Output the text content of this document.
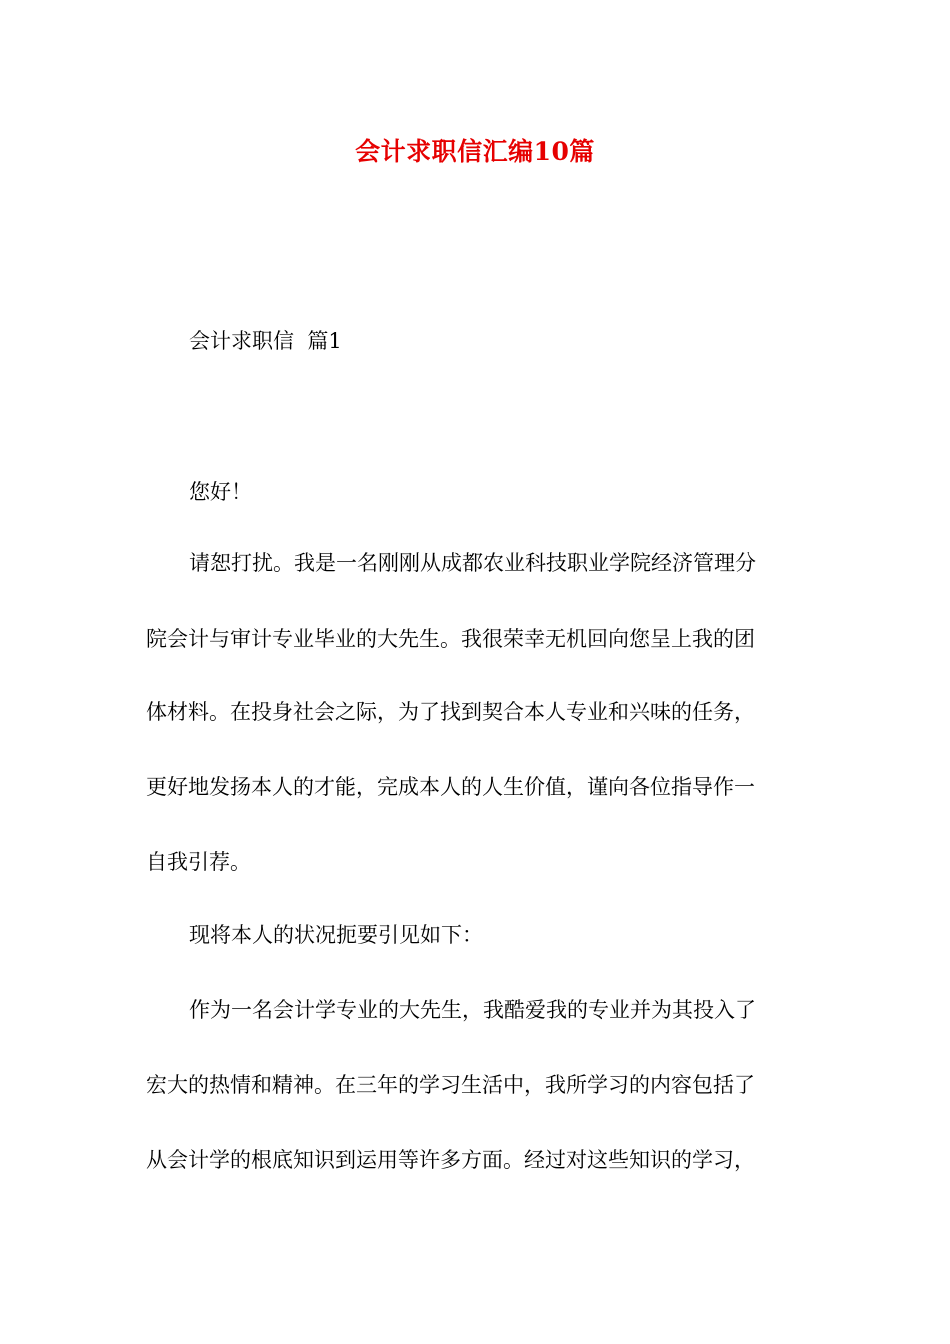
会计求职信汇编10篇

会计求职信  篇1

您好！
请恕打扰。我是一名刚刚从成都农业科技职业学院经济管理分
院会计与审计专业毕业的大先生。我很荣幸无机回向您呈上我的团
体材料。在投身社会之际，为了找到契合本人专业和兴味的任务，
更好地发扬本人的才能，完成本人的人生价值，谨向各位指导作一
自我引荐。
现将本人的状况扼要引见如下：
作为一名会计学专业的大先生，我酷爱我的专业并为其投入了
宏大的热情和精神。在三年的学习生活中，我所学习的内容包括了
从会计学的根底知识到运用等许多方面。经过对这些知识的学习，
